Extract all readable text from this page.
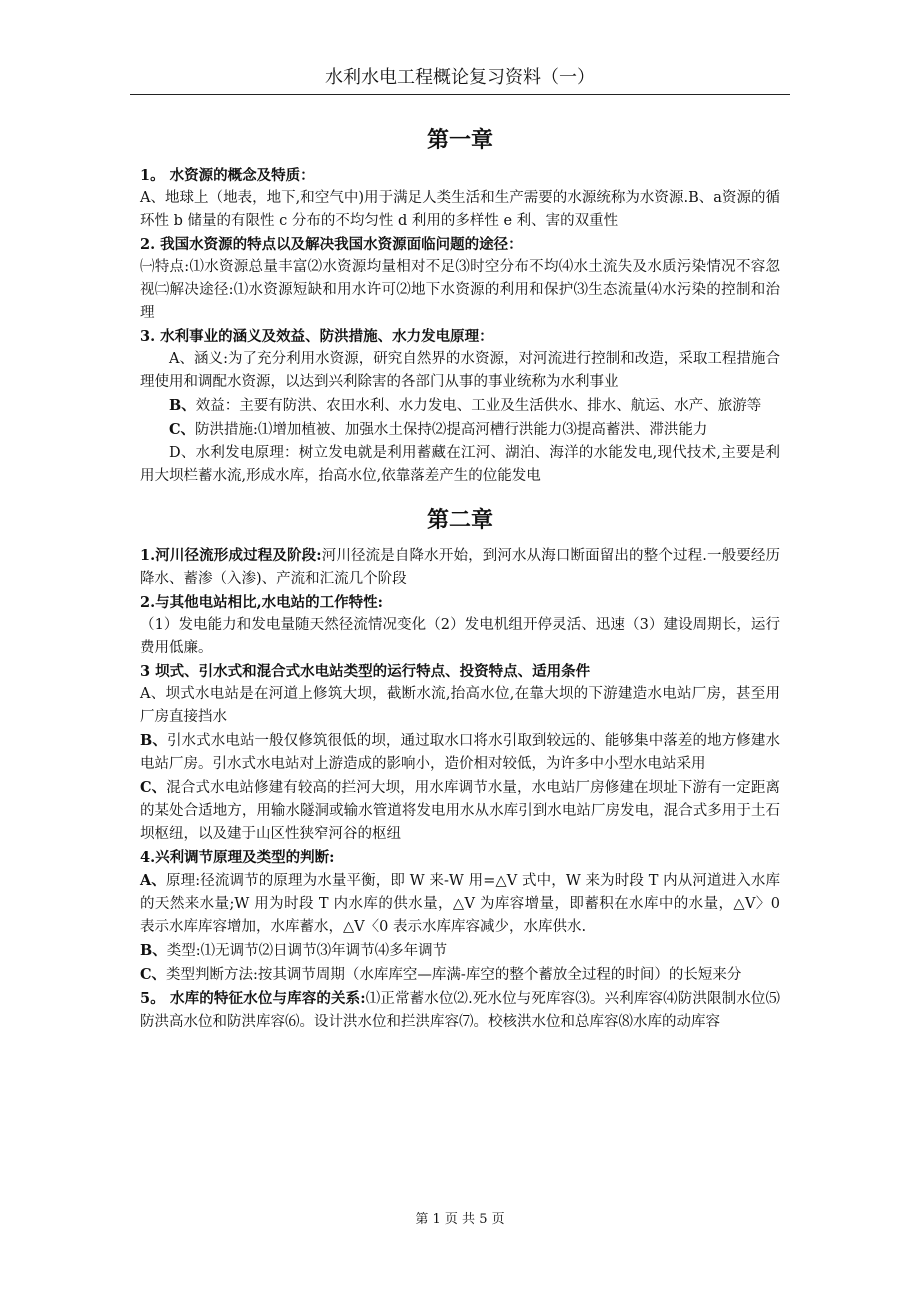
水利水电工程概论复习资料（一）
第一章
1。 水资源的概念及特质：
A、地球上（地表，地下,和空气中)用于满足人类生活和生产需要的水源统称为水资源.B、a资源的循环性 b 储量的有限性 c 分布的不均匀性 d 利用的多样性 e 利、害的双重性
2. 我国水资源的特点以及解决我国水资源面临问题的途径：
㈠特点:⑴水资源总量丰富⑵水资源均量相对不足⑶时空分布不均⑷水土流失及水质污染情况不容忽视㈡解决途径:⑴水资源短缺和用水许可⑵地下水资源的利用和保护⑶生态流量⑷水污染的控制和治理
3. 水利事业的涵义及效益、防洪措施、水力发电原理：
A、涵义:为了充分利用水资源，研究自然界的水资源，对河流进行控制和改造，采取工程措施合理使用和调配水资源，以达到兴利除害的各部门从事的事业统称为水利事业
B、效益：主要有防洪、农田水利、水力发电、工业及生活供水、排水、航运、水产、旅游等
C、防洪措施:⑴增加植被、加强水土保持⑵提高河槽行洪能力⑶提高蓄洪、滞洪能力
D、水利发电原理：树立发电就是利用蓄藏在江河、湖泊、海洋的水能发电,现代技术,主要是利用大坝栏蓄水流,形成水库，抬高水位,依靠落差产生的位能发电
第二章
1.河川径流形成过程及阶段:河川径流是自降水开始，到河水从海口断面留出的整个过程.一般要经历降水、蓄渗（入渗)、产流和汇流几个阶段
2.与其他电站相比,水电站的工作特性:
（1）发电能力和发电量随天然径流情况变化（2）发电机组开停灵活、迅速（3）建设周期长，运行费用低廉。
3 坝式、引水式和混合式水电站类型的运行特点、投资特点、适用条件
A、坝式水电站是在河道上修筑大坝，截断水流,抬高水位,在靠大坝的下游建造水电站厂房，甚至用厂房直接挡水
B、引水式水电站一般仅修筑很低的坝，通过取水口将水引取到较远的、能够集中落差的地方修建水电站厂房。引水式水电站对上游造成的影响小，造价相对较低，为许多中小型水电站采用
C、混合式水电站修建有较高的拦河大坝，用水库调节水量，水电站厂房修建在坝址下游有一定距离的某处合适地方，用输水隧洞或输水管道将发电用水从水库引到水电站厂房发电，混合式多用于土石坝枢纽，以及建于山区性狭窄河谷的枢纽
4.兴利调节原理及类型的判断:
A、原理:径流调节的原理为水量平衡，即 W 来-W 用=△V 式中，W 来为时段 T 内从河道进入水库的天然来水量;W 用为时段 T 内水库的供水量，△V 为库容增量，即蓄积在水库中的水量，△V〉0 表示水库库容增加，水库蓄水，△V〈0 表示水库库容减少，水库供水.
B、类型:⑴无调节⑵日调节⑶年调节⑷多年调节
C、类型判断方法:按其调节周期（水库库空—库满-库空的整个蓄放全过程的时间）的长短来分
5。 水库的特征水位与库容的关系:⑴正常蓄水位⑵.死水位与死库容⑶。兴利库容⑷防洪限制水位⑸防洪高水位和防洪库容⑹。设计洪水位和拦洪库容⑺。校核洪水位和总库容⑻水库的动库容
第 1 页 共 5 页
